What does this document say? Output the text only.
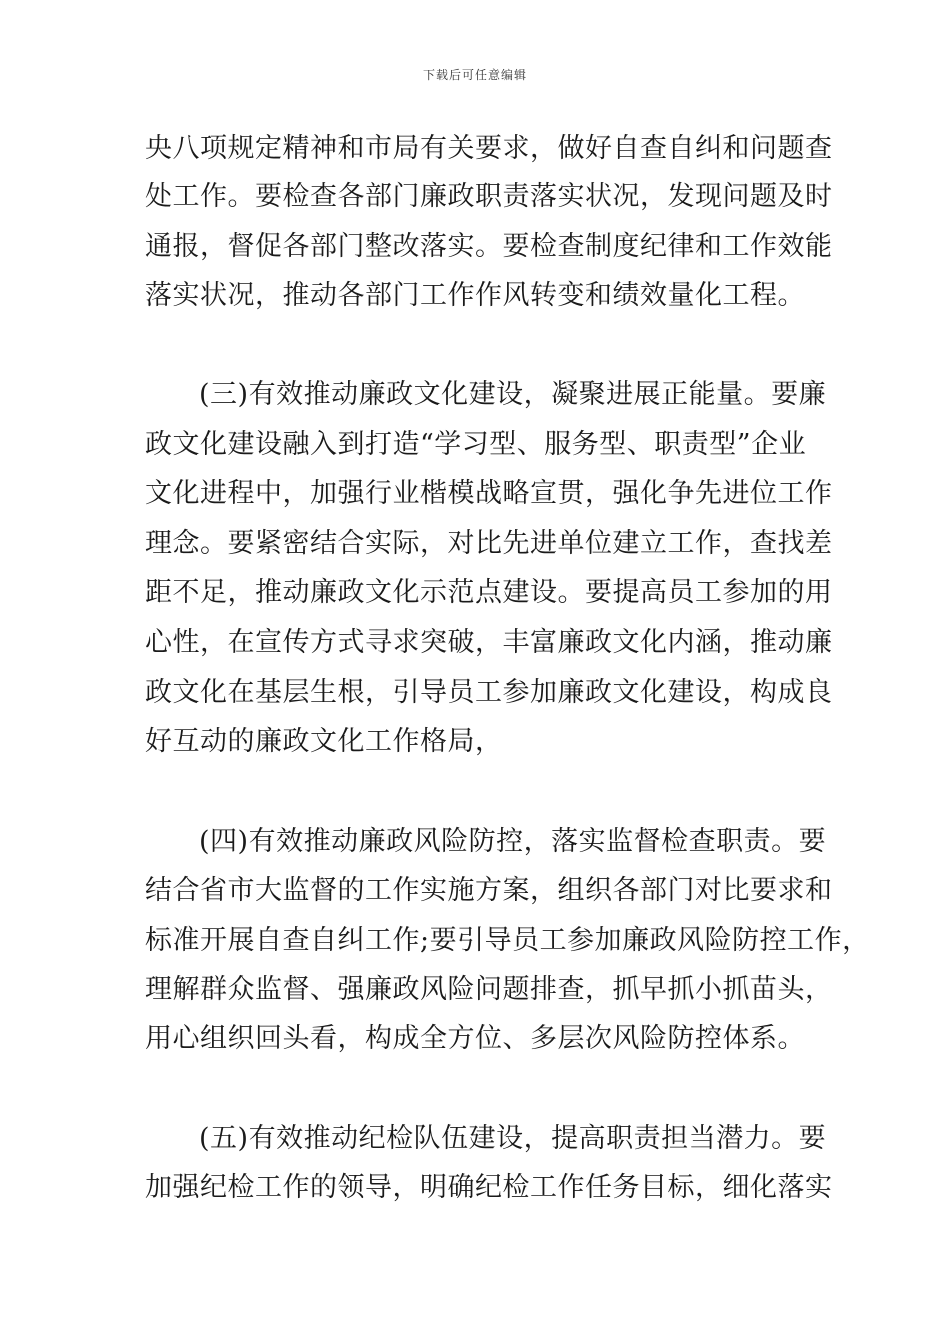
下载后可任意编辑
央八项规定精神和市局有关要求，做好自查自纠和问题查
处工作。要检查各部门廉政职责落实状况，发现问题及时
通报，督促各部门整改落实。要检查制度纪律和工作效能
落实状况，推动各部门工作作风转变和绩效量化工程。
(三)有效推动廉政文化建设，凝聚进展正能量。要廉
政文化建设融入到打造“学习型、服务型、职责型”企业
文化进程中，加强行业楷模战略宣贯，强化争先进位工作
理念。要紧密结合实际，对比先进单位建立工作，查找差
距不足，推动廉政文化示范点建设。要提高员工参加的用
心性，在宣传方式寻求突破，丰富廉政文化内涵，推动廉
政文化在基层生根，引导员工参加廉政文化建设，构成良
好互动的廉政文化工作格局，
(四)有效推动廉政风险防控，落实监督检查职责。要
结合省市大监督的工作实施方案，组织各部门对比要求和
标准开展自查自纠工作;要引导员工参加廉政风险防控工作，
理解群众监督、强廉政风险问题排查，抓早抓小抓苗头，
用心组织回头看，构成全方位、多层次风险防控体系。
(五)有效推动纪检队伍建设，提高职责担当潜力。要
加强纪检工作的领导，明确纪检工作任务目标，细化落实
